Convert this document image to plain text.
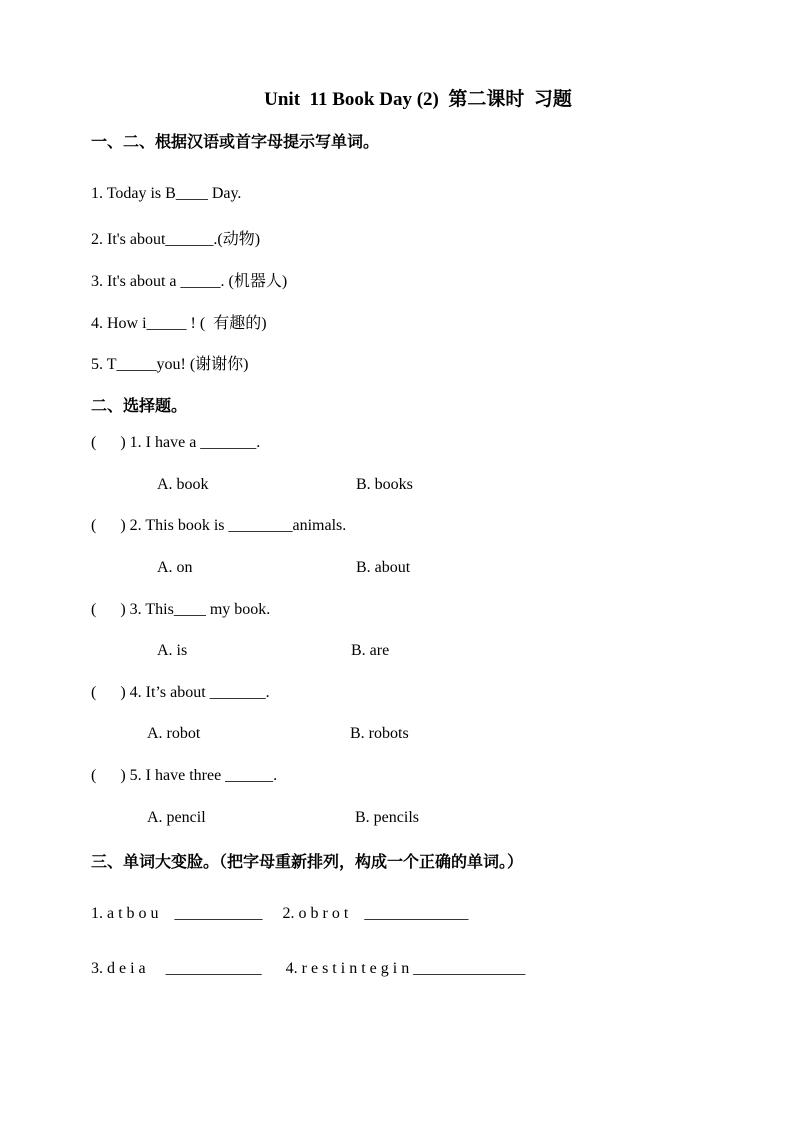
Unit  11 Book Day (2)  第二课时  习题
一、二、根据汉语或首字母提示写单词。
1. Today is B____ Day.
2. It's about______.(动物)
3. It's about a _____. (机器人)
4. How i_____ ! (  有趣的)
5. T_____you! (谢谢你)
二、选择题。
(      ) 1. I have a _______.
A. book	B. books
(      ) 2. This book is ________animals.
A. on	B. about
(      ) 3. This____ my book.
A. is	B. are
(      ) 4. It’s about _______.
A. robot	B. robots
(      ) 5. I have three ______.
A. pencil	B. pencils
三、单词大变脸。（把字母重新排列，构成一个正确的单词。）
1. a t b o u    ___________     2. o b r o t    _____________
3. d e i a     ____________      4. r e s t i n t e g i n ______________
